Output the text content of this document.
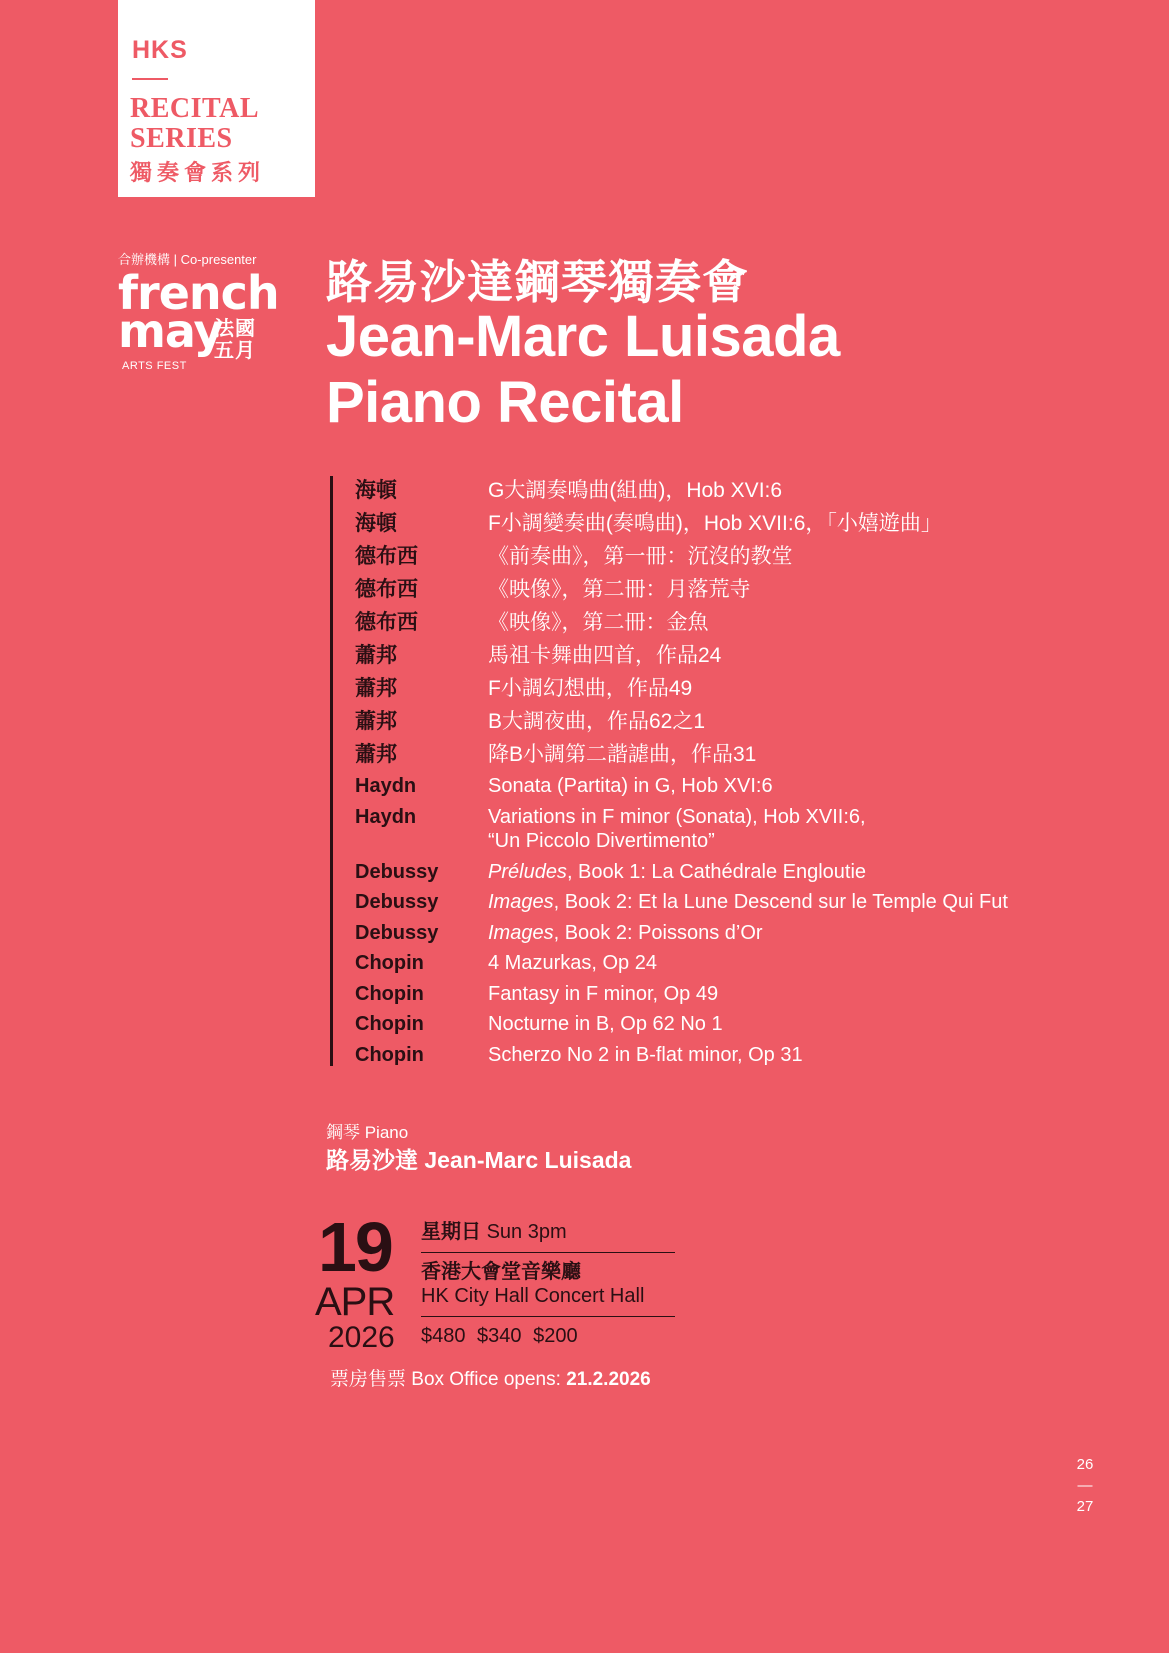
HKS
RECITAL
SERIES
獨奏會系列
合辦機構 | Co-presenter
french
may
法國
五月
ARTS FEST
路易沙達鋼琴獨奏會
Jean-Marc Luisada
Piano Recital
海頓	G大調奏鳴曲(組曲)，Hob XVI:6
海頓	F小調變奏曲(奏鳴曲)，Hob XVII:6，「小嬉遊曲」
德布西	《前奏曲》，第一冊：沉沒的教堂
德布西	《映像》，第二冊：月落荒寺
德布西	《映像》，第二冊：金魚
蕭邦	馬祖卡舞曲四首，作品24
蕭邦	F小調幻想曲，作品49
蕭邦	B大調夜曲，作品62之1
蕭邦	降B小調第二諧謔曲，作品31
Haydn	Sonata (Partita) in G, Hob XVI:6
Haydn	Variations in F minor (Sonata), Hob XVII:6,
“Un Piccolo Divertimento”
Debussy	Préludes, Book 1: La Cathédrale Engloutie
Debussy	Images, Book 2: Et la Lune Descend sur le Temple Qui Fut
Debussy	Images, Book 2: Poissons d’Or
Chopin	4 Mazurkas, Op 24
Chopin	Fantasy in F minor, Op 49
Chopin	Nocturne in B, Op 62 No 1
Chopin	Scherzo No 2 in B-flat minor, Op 31
鋼琴 Piano
路易沙達 Jean-Marc Luisada
19
APR
2026
星期日 Sun 3pm
香港大會堂音樂廳
HK City Hall Concert Hall
$480 $340 $200
票房售票 Box Office opens: 21.2.2026
26
—
27
